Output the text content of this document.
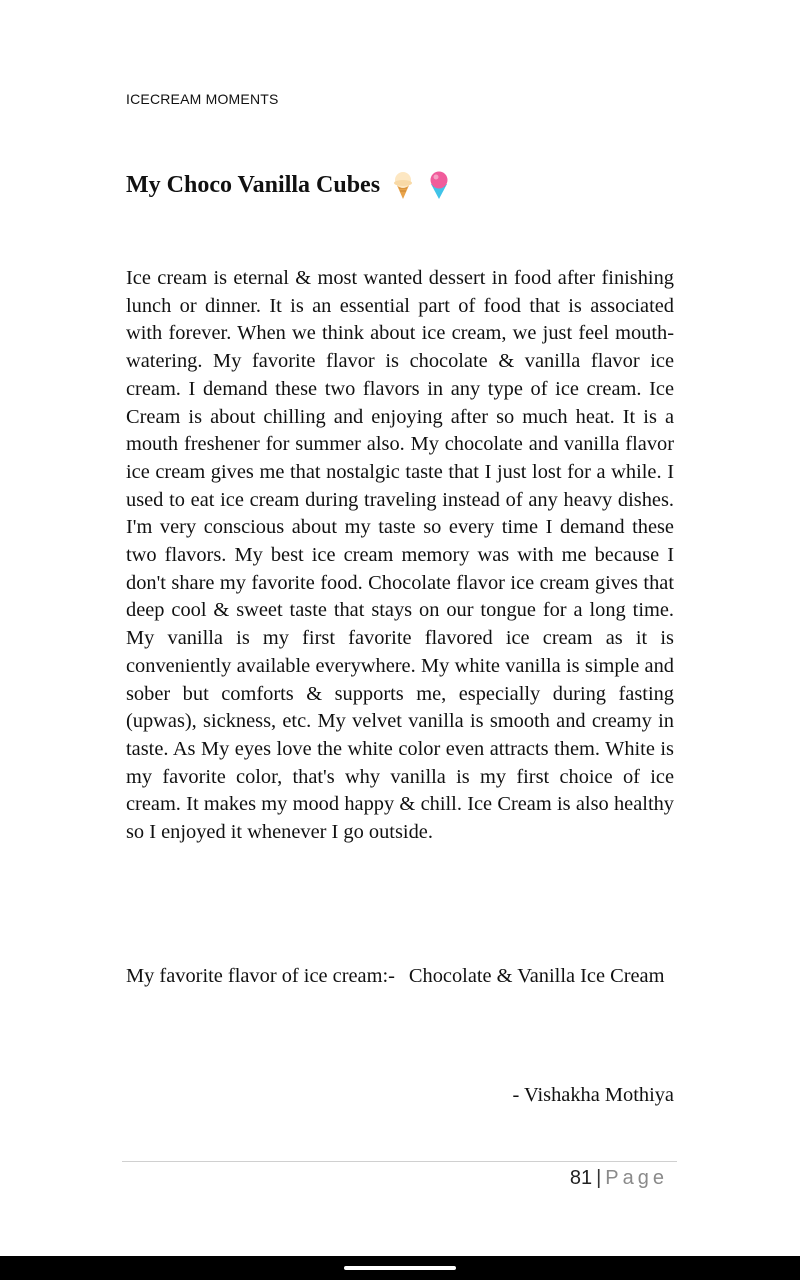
ICECREAM MOMENTS
My Choco Vanilla Cubes

Ice cream is eternal & most wanted dessert in food after finishing lunch or dinner. It is an essential part of food that is associated with forever. When we think about ice cream, we just feel mouth-watering. My favorite flavor is chocolate & vanilla flavor ice cream. I demand these two flavors in any type of ice cream. Ice Cream is about chilling and enjoying after so much heat. It is a mouth freshener for summer also. My chocolate and vanilla flavor ice cream gives me that nostalgic taste that I just lost for a while. I used to eat ice cream during traveling instead of any heavy dishes. I'm very conscious about my taste so every time I demand these two flavors. My best ice cream memory was with me because I don't share my favorite food. Chocolate flavor ice cream gives that deep cool & sweet taste that stays on our tongue for a long time. My vanilla is my first favorite flavored ice cream as it is conveniently available everywhere. My white vanilla is simple and sober but comforts & supports me, especially during fasting (upwas), sickness, etc. My velvet vanilla is smooth and creamy in taste. As My eyes love the white color even attracts them. White is my favorite color, that's why vanilla is my first choice of ice cream. It makes my mood happy & chill. Ice Cream is also healthy so I enjoyed it whenever I go outside.

My favorite flavor of ice cream:- Chocolate & Vanilla Ice Cream

- Vishakha Mothiya
81 | Page
